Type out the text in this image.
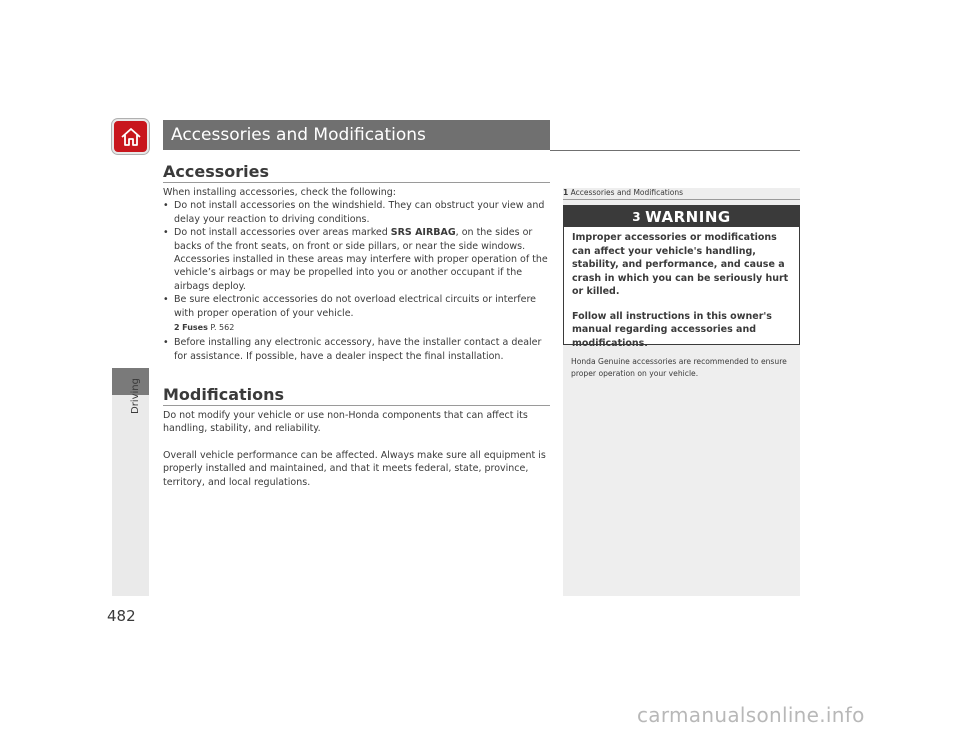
Driving
482
Accessories and Modifications
Accessories

When installing accessories, check the following:

• Do not install accessories on the windshield. They can obstruct your view and delay your reaction to driving conditions.
• Do not install accessories over areas marked SRS AIRBAG, on the sides or backs of the front seats, on front or side pillars, or near the side windows.
Accessories installed in these areas may interfere with proper operation of the vehicle’s airbags or may be propelled into you or another occupant if the airbags deploy.
• Be sure electronic accessories do not overload electrical circuits or interfere with proper operation of your vehicle.
2 Fuses P. 562
• Before installing any electronic accessory, have the installer contact a dealer for assistance. If possible, have a dealer inspect the final installation.
Modifications

Do not modify your vehicle or use non-Honda components that can affect its handling, stability, and reliability.

Overall vehicle performance can be affected. Always make sure all equipment is properly installed and maintained, and that it meets federal, state, province, territory, and local regulations.

1 Accessories and Modifications
3 WARNING

Improper accessories or modifications can affect your vehicle's handling, stability, and performance, and cause a crash in which you can be seriously hurt or killed.

Follow all instructions in this owner's manual regarding accessories and modifications.

Honda Genuine accessories are recommended to ensure proper operation on your vehicle.
carmanualsonline.info
